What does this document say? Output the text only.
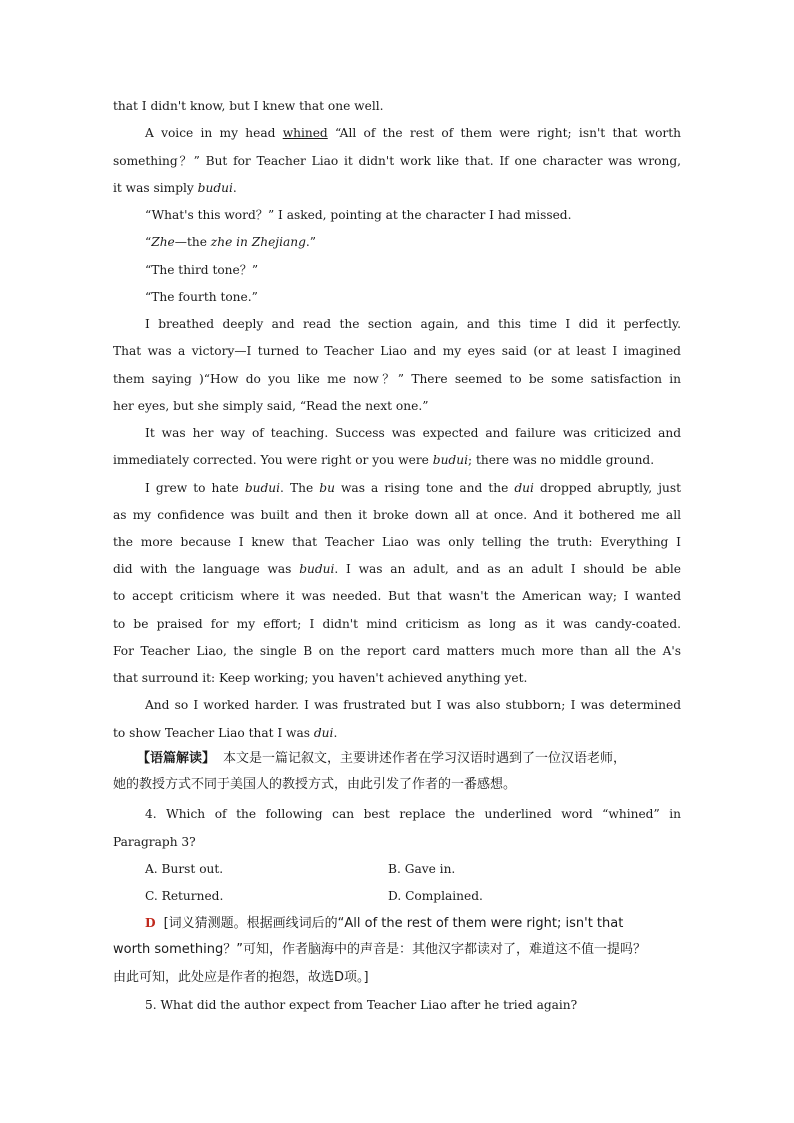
that I didn't know, but I knew that one well.
A voice in my head whined “All of the rest of them were right; isn't that worth
something？” But for Teacher Liao it didn't work like that. If one character was wrong,
it was simply budui.
“What's this word？” I asked, pointing at the character I had missed.
“Zhe—the zhe in Zhejiang.”
“The third tone？”
“The fourth tone.”
I breathed deeply and read the section again, and this time I did it perfectly.
That was a victory—I turned to Teacher Liao and my eyes said (or at least I imagined
them saying )“How do you like me now？” There seemed to be some satisfaction in
her eyes, but she simply said, “Read the next one.”
It was her way of teaching. Success was expected and failure was criticized and
immediately corrected. You were right or you were budui; there was no middle ground.
I grew to hate budui. The bu was a rising tone and the dui dropped abruptly, just
as my confidence was built and then it broke down all at once. And it bothered me all
the more because I knew that Teacher Liao was only telling the truth: Everything I
did with the language was budui. I was an adult, and as an adult I should be able
to accept criticism where it was needed. But that wasn't the American way; I wanted
to be praised for my effort; I didn't mind criticism as long as it was candy-coated.
For Teacher Liao, the single B on the report card matters much more than all the A's
that surround it: Keep working; you haven't achieved anything yet.
And so I worked harder. I was frustrated but I was also stubborn; I was determined
to show Teacher Liao that I was dui.
【语篇解读】 本文是一篇记叙文，主要讲述作者在学习汉语时遇到了一位汉语老师，
她的教授方式不同于美国人的教授方式，由此引发了作者的一番感想。
4. Which of the following can best replace the underlined word “whined” in
Paragraph 3?
A. Burst out.	B. Gave in.
C. Returned.	D. Complained.
D [词义猜测题。根据画线词后的“All of the rest of them were right; isn't that
worth something？”可知，作者脑海中的声音是：其他汉字都读对了，难道这不值一提吗？
由此可知，此处应是作者的抱怨，故选D项。]
5. What did the author expect from Teacher Liao after he tried again?
